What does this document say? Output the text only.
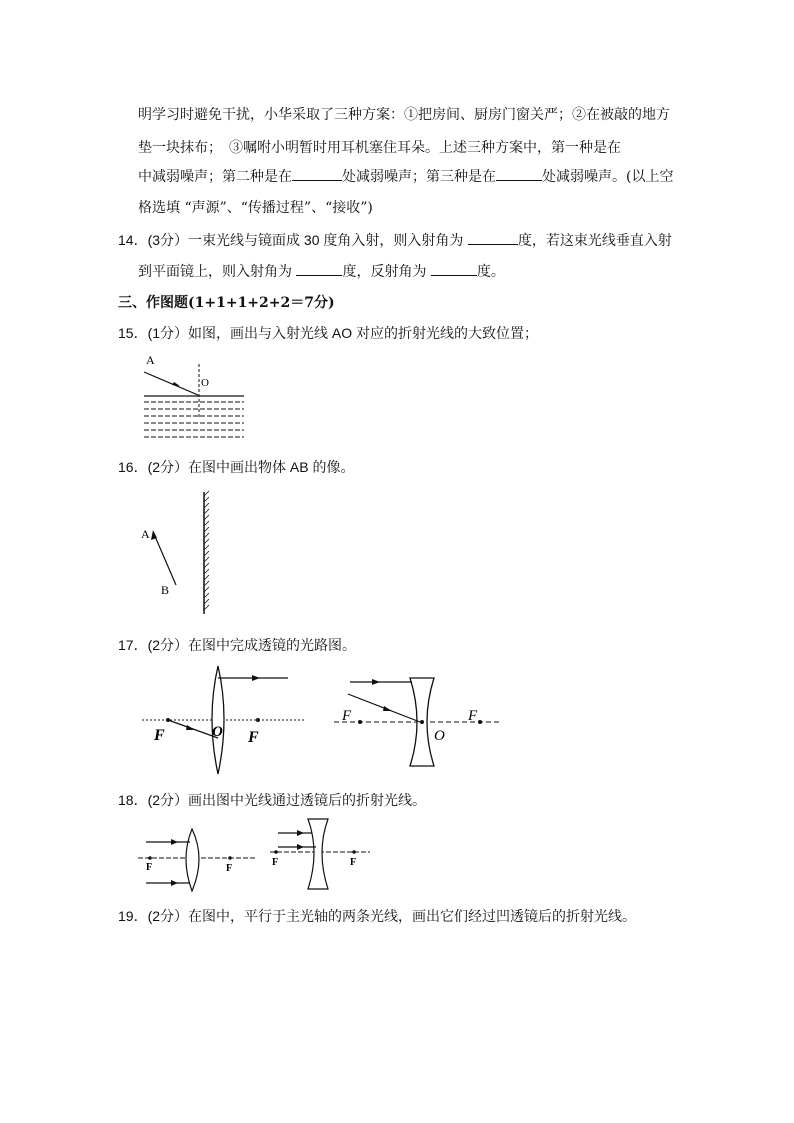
明学习时避免干扰，小华采取了三种方案：①把房间、厨房门窗关严；②在被敲的地方
垫一块抹布；　③嘱咐小明暂时用耳机塞住耳朵。上述三种方案中，第一种是在
中减弱噪声；第二种是在	处减弱噪声；第三种是在	处减弱噪声。(以上空
格选填 “声源”、“传播过程”、“接收”)
14．(3分）一束光线与镜面成 30 度角入射，则入射角为	度，若这束光线垂直入射
到平面镜上，则入射角为	度，反射角为	度。
三、作图题(1+1+1+2+2＝7分)
15．(1分）如图，画出与入射光线 AO 对应的折射光线的大致位置；
A
O
16．(2分）在图中画出物体 AB 的像。
A
B
17．(2分）在图中完成透镜的光路图。
F	O F
F
O
F
18．(2分）画出图中光线通过透镜后的折射光线。
F	F
F	F
19．(2分）在图中，平行于主光轴的两条光线，画出它们经过凹透镜后的折射光线。
